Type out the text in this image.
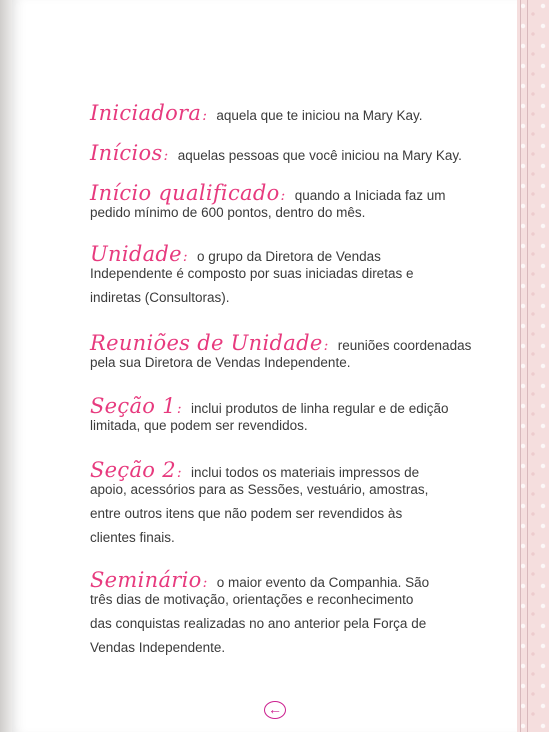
Iniciadora: aquela que te iniciou na Mary Kay.
Inícios: aquelas pessoas que você iniciou na Mary Kay.
Início qualificado: quando a Iniciada faz um
pedido mínimo de 600 pontos, dentro do mês.
Unidade: o grupo da Diretora de Vendas
Independente é composto por suas iniciadas diretas e
indiretas (Consultoras).
Reuniões de Unidade: reuniões coordenadas
pela sua Diretora de Vendas Independente.
Seção 1: inclui produtos de linha regular e de edição
limitada, que podem ser revendidos.
Seção 2: inclui todos os materiais impressos de
apoio, acessórios para as Sessões, vestuário, amostras,
entre outros itens que não podem ser revendidos às
clientes finais.
Seminário: o maior evento da Companhia. São
três dias de motivação, orientações e reconhecimento
das conquistas realizadas no ano anterior pela Força de
Vendas Independente.
←
